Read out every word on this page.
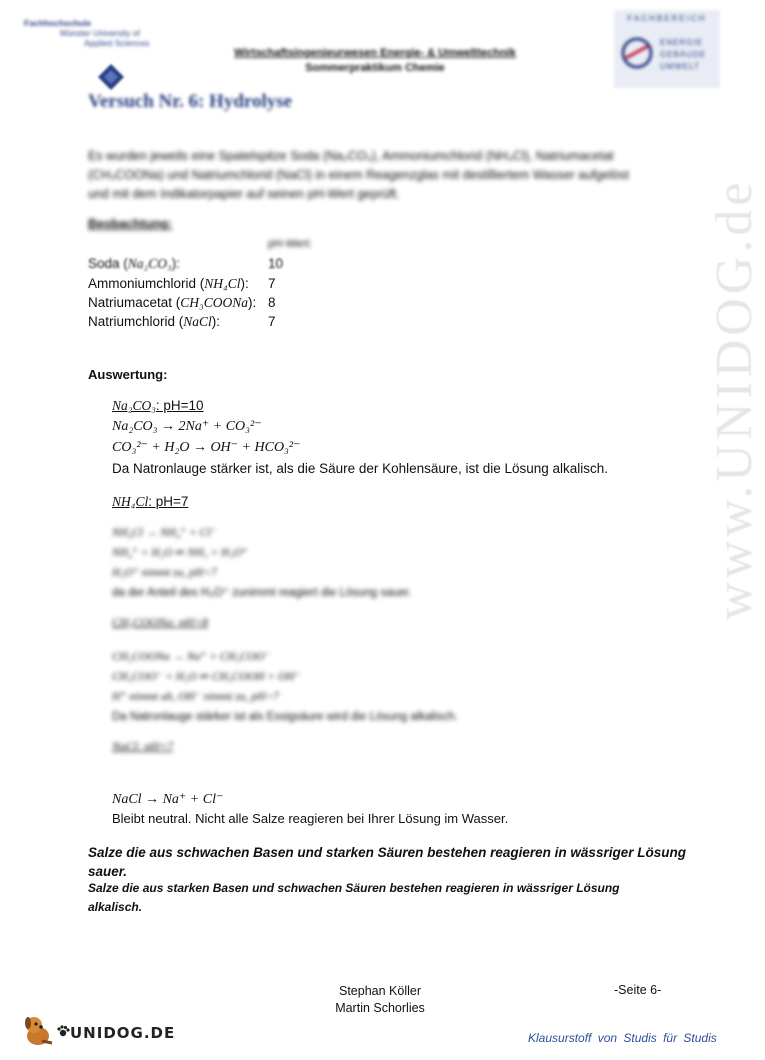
Fachhochschule
Münster University of
Applied Sciences
Wirtschaftsingenieurwesen Energie- & Umwelttechnik
Sommerpraktikum Chemie
FACHBEREICH
ENERGIE
GEBÄUDE
UMWELT
Versuch Nr. 6: Hydrolyse
Es wurden jeweils eine Spatelspitze Soda (Na₂CO₃), Ammoniumchlorid (NH₄Cl), Natriumacetat
(CH₃COONa) und Natriumchlorid (NaCl) in einem Reagenzglas mit destilliertem Wasser aufgelöst
und mit dem Indikatorpapier auf seinen pH-Wert geprüft.
Beobachtung:
pH-Wert:
Soda (Na₂CO₃):	10
Ammoniumchlorid (NH₄Cl): 7
Natriumacetat (CH₃COONa): 8
Natriumchlorid (NaCl):	7
Auswertung:
Na₂CO₃: pH=10
Na₂CO₃ → 2Na⁺ + CO₃²⁻
CO₃²⁻ + H₂O → OH⁻ + HCO₃²⁻
Da Natronlauge stärker ist, als die Säure der Kohlensäure, ist die Lösung alkalisch.
NH₄Cl: pH=7
NH₄Cl → NH₄⁺ + Cl⁻
NH₄⁺ + H₂O ⇌ NH₃ + H₃O⁺
H₃O⁺ nimmt zu, pH<7
da der Anteil des H₃O⁺ zunimmt reagiert die Lösung sauer.
CH₃COONa: pH=8
CH₃COONa → Na⁺ + CH₃COO⁻
CH₃COO⁻ + H₂O ⇌ CH₃COOH + OH⁻
H⁺ nimmt ab, OH⁻ nimmt zu, pH>7
Da Natronlauge stärker ist als Essigsäure wird die Lösung alkalisch.
NaCl: pH=7
NaCl → Na⁺ + Cl⁻
Bleibt neutral. Nicht alle Salze reagieren bei Ihrer Lösung im Wasser.
Salze die aus schwachen Basen und starken Säuren bestehen reagieren in wässriger Lösung
sauer.
Salze die aus starken Basen und schwachen Säuren bestehen reagieren in wässriger Lösung
alkalisch.
www.UNIDOG.de
Stephan Köller
Martin Schorlies
-Seite 6-
UNIDOG.DE	Klausurstoff von Studis für Studis
